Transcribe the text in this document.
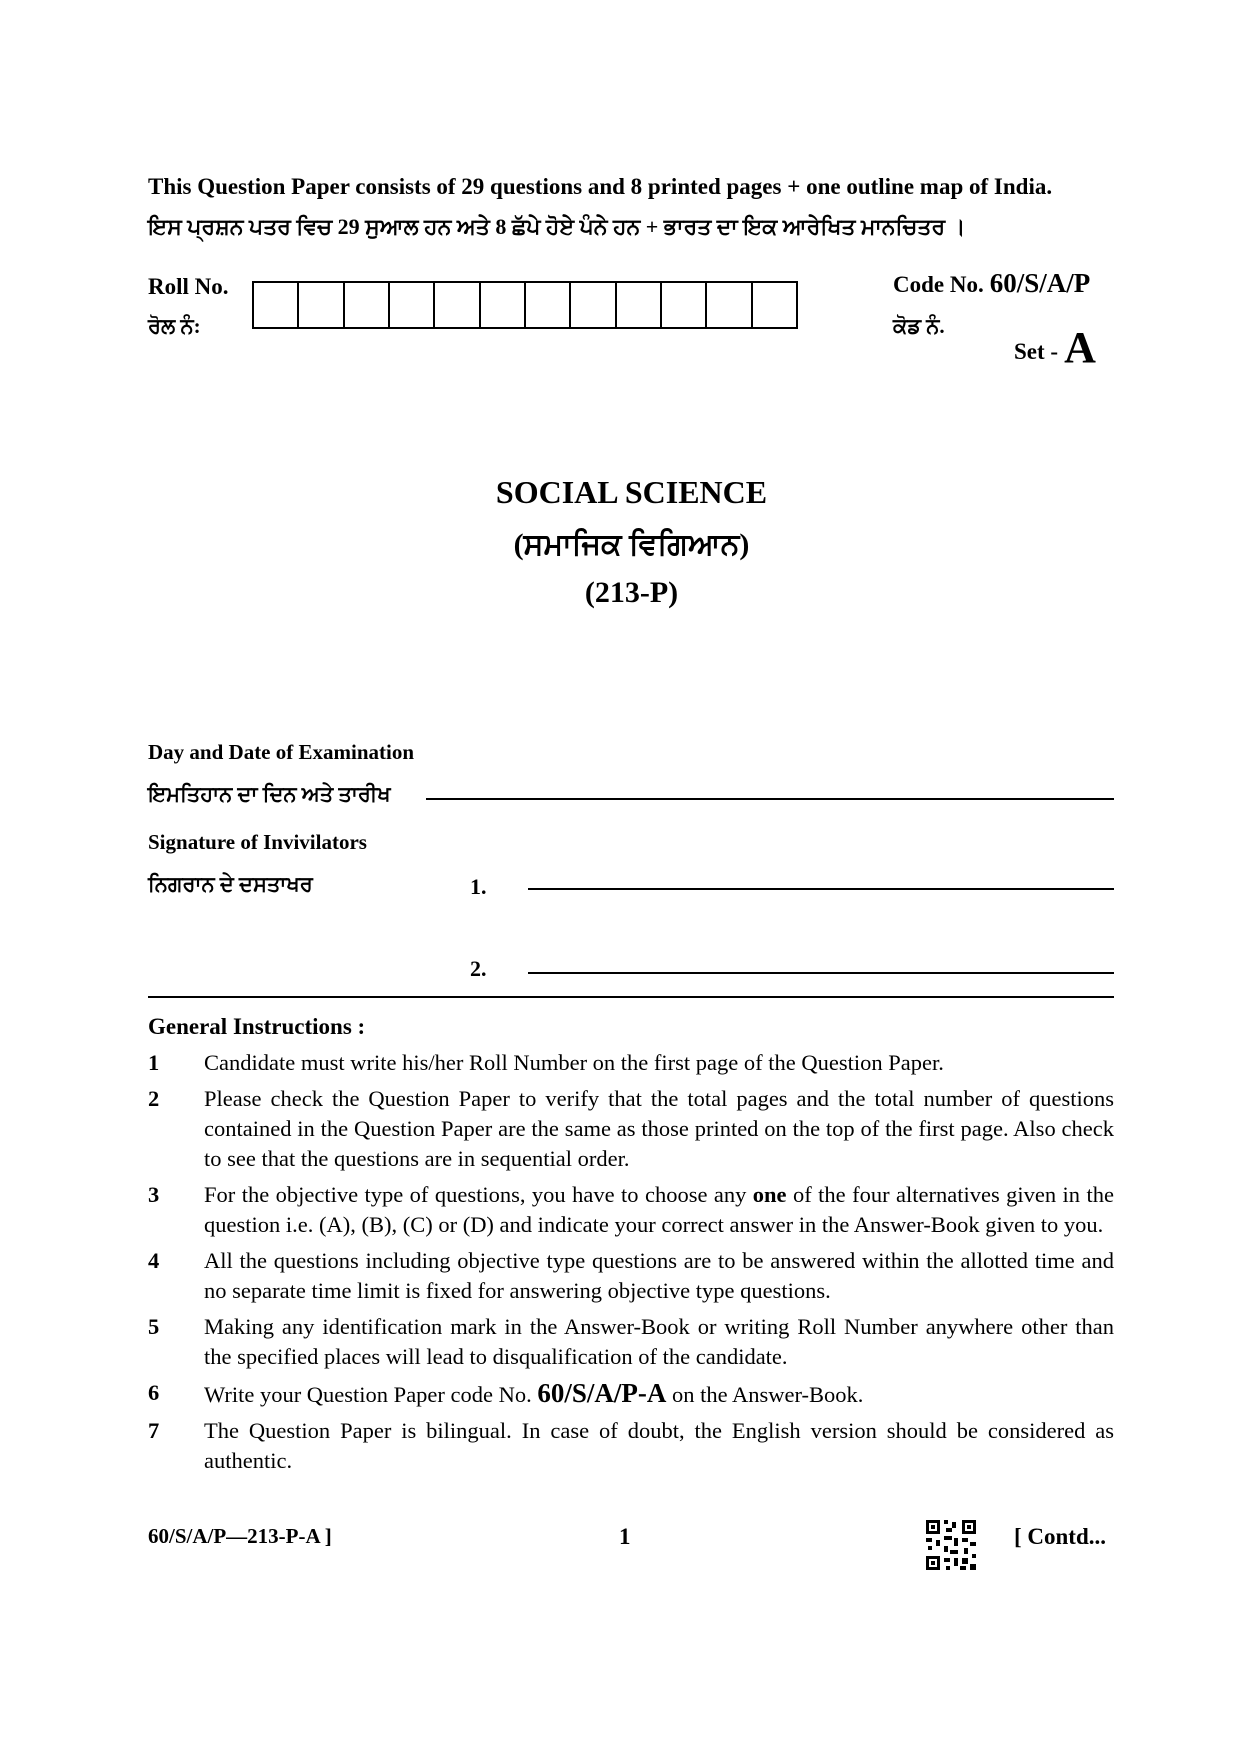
This Question Paper consists of 29 questions and 8 printed pages + one outline map of India.
ਇਸ ਪ੍ਰਸ਼ਨ ਪਤਰ ਵਿਚ 29 ਸੁਆਲ ਹਨ ਅਤੇ 8 ਛੱਪੇ ਹੋਏ ਪੰਨੇ ਹਨ + ਭਾਰਤ ਦਾ ਇਕ ਆਰੇਖਿਤ ਮਾਨਚਿਤਰ ।
Roll No.
ਰੋਲ ਨੰ:
Code No. 60/S/A/P
ਕੋਡ ਨੰ.
Set - A
SOCIAL SCIENCE
(ਸਮਾਜਿਕ ਵਿਗਿਆਨ)
(213-P)
Day and Date of Examination
ਇਮਤਿਹਾਨ ਦਾ ਦਿਨ ਅਤੇ ਤਾਰੀਖ
Signature of Invivilators
ਨਿਗਰਾਨ ਦੇ ਦਸਤਾਖਰ	1.
2.
General Instructions :
1	Candidate must write his/her Roll Number on the first page of the Question Paper.
2	Please check the Question Paper to verify that the total pages and the total number of questions contained in the Question Paper are the same as those printed on the top of the first page. Also check to see that the questions are in sequential order.
3	For the objective type of questions, you have to choose any one of the four alternatives given in the question i.e. (A), (B), (C) or (D) and indicate your correct answer in the Answer-Book given to you.
4	All the questions including objective type questions are to be answered within the allotted time and no separate time limit is fixed for answering objective type questions.
5	Making any identification mark in the Answer-Book or writing Roll Number anywhere other than the specified places will lead to disqualification of the candidate.
6	Write your Question Paper code No. 60/S/A/P-A on the Answer-Book.
7	The Question Paper is bilingual. In case of doubt, the English version should be considered as authentic.
60/S/A/P—213-P-A ]	1	[ Contd...
